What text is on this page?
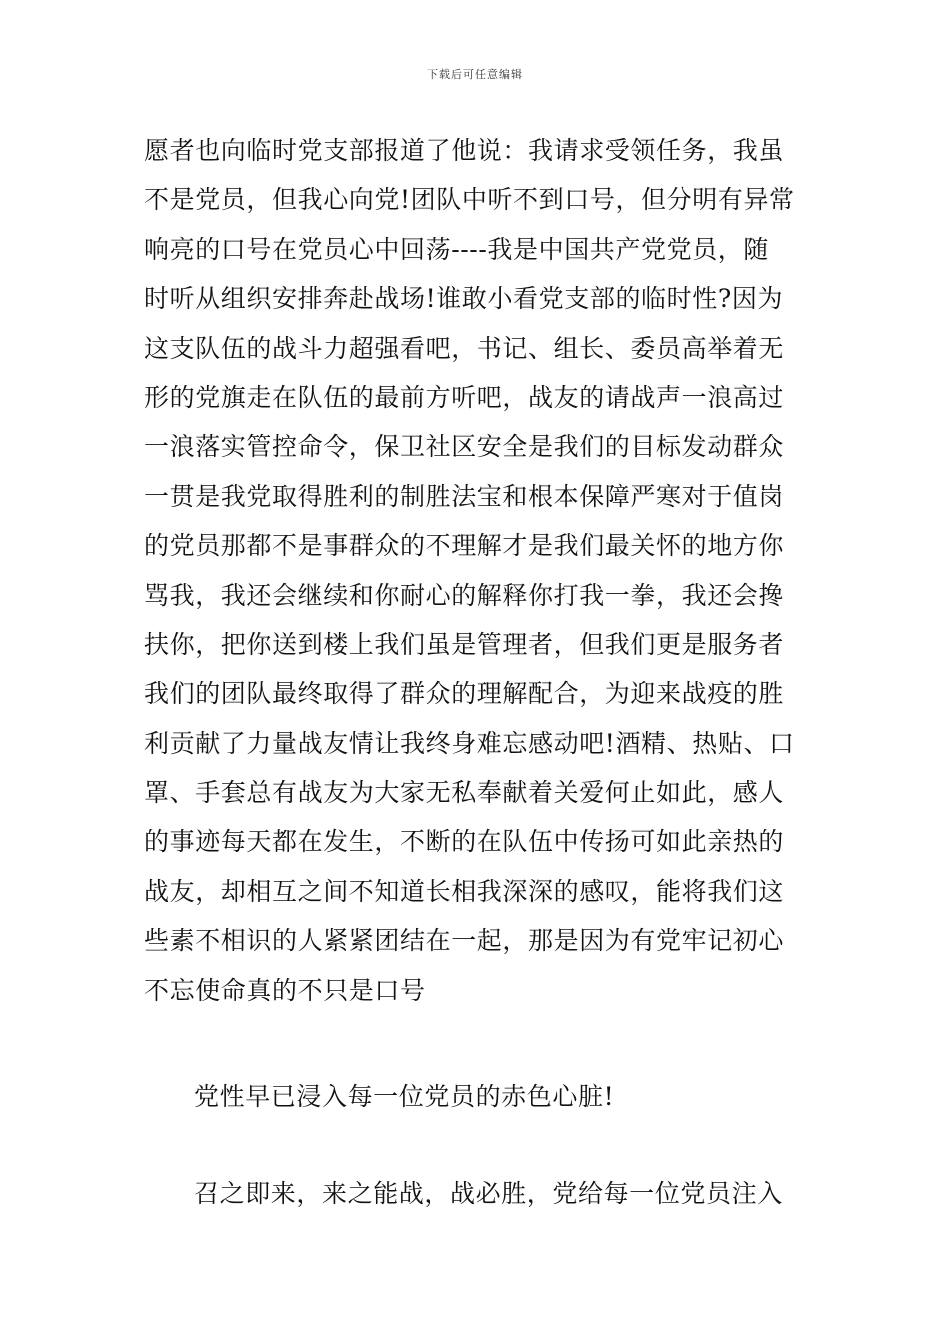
下载后可任意编辑
愿者也向临时党支部报道了他说：我请求受领任务，我虽
不是党员，但我心向党!团队中听不到口号，但分明有异常
响亮的口号在党员心中回荡----我是中国共产党党员，随
时听从组织安排奔赴战场!谁敢小看党支部的临时性?因为
这支队伍的战斗力超强看吧，书记、组长、委员高举着无
形的党旗走在队伍的最前方听吧，战友的请战声一浪高过
一浪落实管控命令，保卫社区安全是我们的目标发动群众
一贯是我党取得胜利的制胜法宝和根本保障严寒对于值岗
的党员那都不是事群众的不理解才是我们最关怀的地方你
骂我，我还会继续和你耐心的解释你打我一拳，我还会搀
扶你，把你送到楼上我们虽是管理者，但我们更是服务者
我们的团队最终取得了群众的理解配合，为迎来战疫的胜
利贡献了力量战友情让我终身难忘感动吧!酒精、热贴、口
罩、手套总有战友为大家无私奉献着关爱何止如此，感人
的事迹每天都在发生，不断的在队伍中传扬可如此亲热的
战友，却相互之间不知道长相我深深的感叹，能将我们这
些素不相识的人紧紧团结在一起，那是因为有党牢记初心
不忘使命真的不只是口号
党性早已浸入每一位党员的赤色心脏!
召之即来，来之能战，战必胜，党给每一位党员注入
